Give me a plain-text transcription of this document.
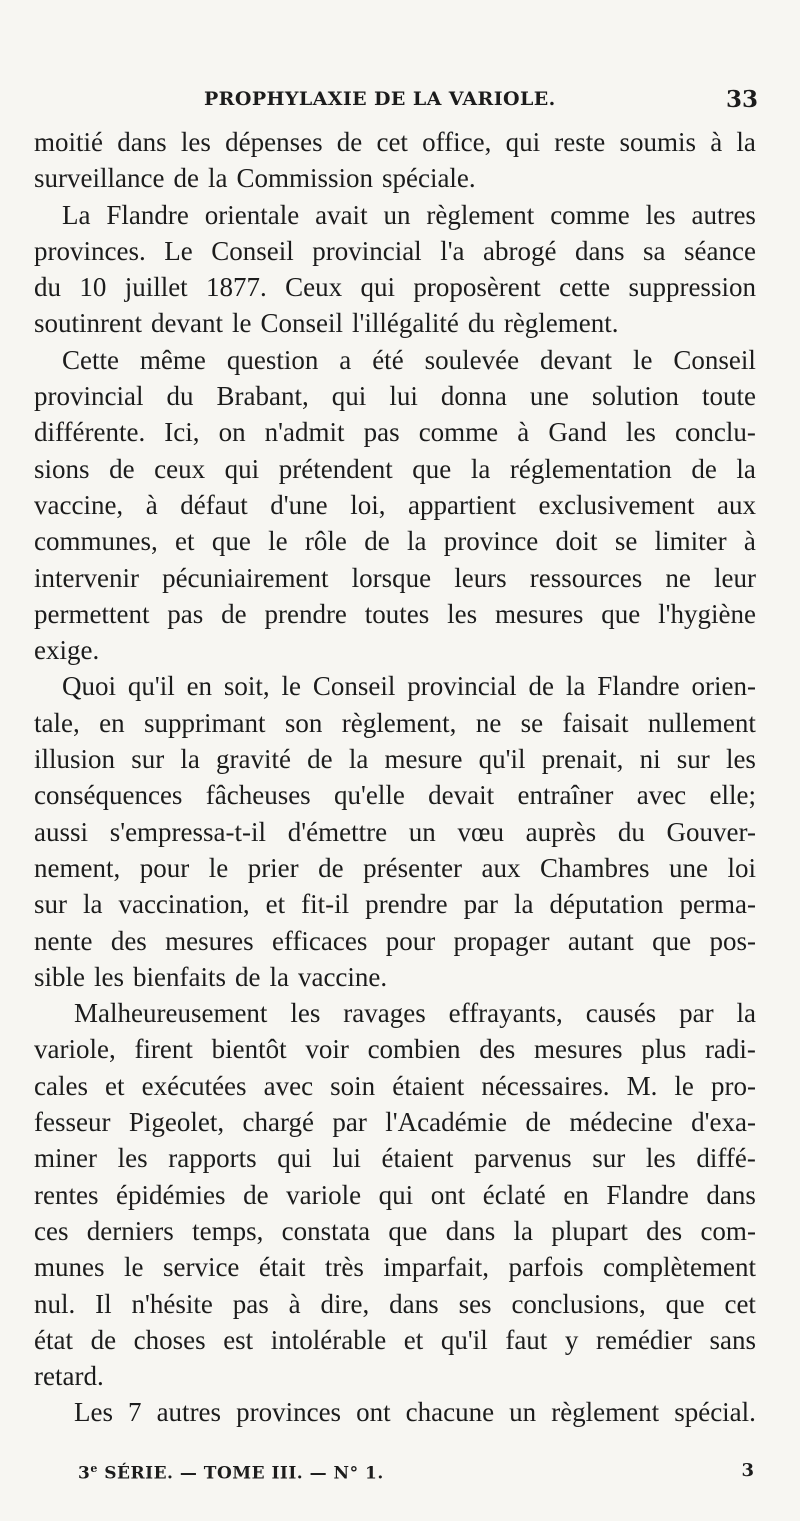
PROPHYLAXIE DE LA VARIOLE.	33
moitié dans les dépenses de cet office, qui reste soumis à la
surveillance de la Commission spéciale.
La Flandre orientale avait un règlement comme les autres
provinces. Le Conseil provincial l'a abrogé dans sa séance
du 10 juillet 1877. Ceux qui proposèrent cette suppression
soutinrent devant le Conseil l'illégalité du règlement.
Cette même question a été soulevée devant le Conseil
provincial du Brabant, qui lui donna une solution toute
différente. Ici, on n'admit pas comme à Gand les conclu-
sions de ceux qui prétendent que la réglementation de la
vaccine, à défaut d'une loi, appartient exclusivement aux
communes, et que le rôle de la province doit se limiter à
intervenir pécuniairement lorsque leurs ressources ne leur
permettent pas de prendre toutes les mesures que l'hygiène
exige.
Quoi qu'il en soit, le Conseil provincial de la Flandre orien-
tale, en supprimant son règlement, ne se faisait nullement
illusion sur la gravité de la mesure qu'il prenait, ni sur les
conséquences fâcheuses qu'elle devait entraîner avec elle;
aussi s'empressa-t-il d'émettre un vœu auprès du Gouver-
nement, pour le prier de présenter aux Chambres une loi
sur la vaccination, et fit-il prendre par la députation perma-
nente des mesures efficaces pour propager autant que pos-
sible les bienfaits de la vaccine.
Malheureusement les ravages effrayants, causés par la
variole, firent bientôt voir combien des mesures plus radi-
cales et exécutées avec soin étaient nécessaires. M. le pro-
fesseur Pigeolet, chargé par l'Académie de médecine d'exa-
miner les rapports qui lui étaient parvenus sur les diffé-
rentes épidémies de variole qui ont éclaté en Flandre dans
ces derniers temps, constata que dans la plupart des com-
munes le service était très imparfait, parfois complètement
nul. Il n'hésite pas à dire, dans ses conclusions, que cet
état de choses est intolérable et qu'il faut y remédier sans
retard.
Les 7 autres provinces ont chacune un règlement spécial.
3e SÉRIE. — TOME III. — N° 1.	3
